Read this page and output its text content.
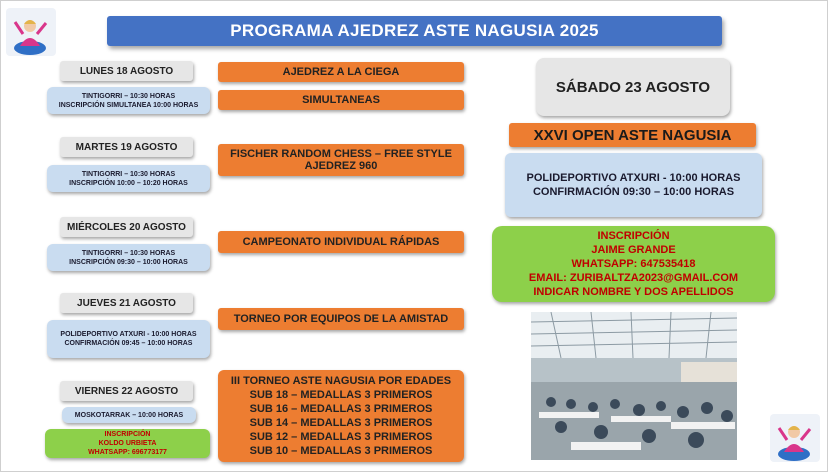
PROGRAMA AJEDREZ ASTE NAGUSIA 2025
LUNES 18 AGOSTO
TINTIGORRI – 10:30 HORAS
INSCRIPCIÓN SIMULTANEA 10:00 HORAS
AJEDREZ A LA CIEGA
SIMULTANEAS
MARTES 19 AGOSTO
TINTIGORRI – 10:30 HORAS
INSCRIPCIÓN 10:00 – 10:20 HORAS
FISCHER RANDOM CHESS – FREE STYLE
AJEDREZ 960
MIÉRCOLES 20 AGOSTO
TINTIGORRI – 10:30 HORAS
INSCRIPCIÓN 09:30 – 10:00 HORAS
CAMPEONATO INDIVIDUAL RÁPIDAS
JUEVES 21 AGOSTO
POLIDEPORTIVO ATXURI - 10:00 HORAS
CONFIRMACIÓN 09:45 – 10:00 HORAS
TORNEO POR EQUIPOS DE LA AMISTAD
VIERNES 22 AGOSTO
MOSKOTARRAK – 10:00 HORAS
INSCRIPCIÓN
KOLDO URBIETA
WHATSAPP: 696773177
III TORNEO ASTE NAGUSIA POR EDADES
SUB 18 – MEDALLAS 3 PRIMEROS
SUB 16 – MEDALLAS 3 PRIMEROS
SUB 14 – MEDALLAS 3 PRIMEROS
SUB 12 – MEDALLAS 3 PRIMEROS
SUB 10 – MEDALLAS 3 PRIMEROS
SÁBADO 23 AGOSTO
XXVI OPEN ASTE NAGUSIA
POLIDEPORTIVO ATXURI - 10:00 HORAS
CONFIRMACIÓN 09:30 – 10:00 HORAS
INSCRIPCIÓN
JAIME GRANDE
WHATSAPP: 647535418
EMAIL: ZURIBALTZA2023@GMAIL.COM
INDICAR NOMBRE Y DOS APELLIDOS
